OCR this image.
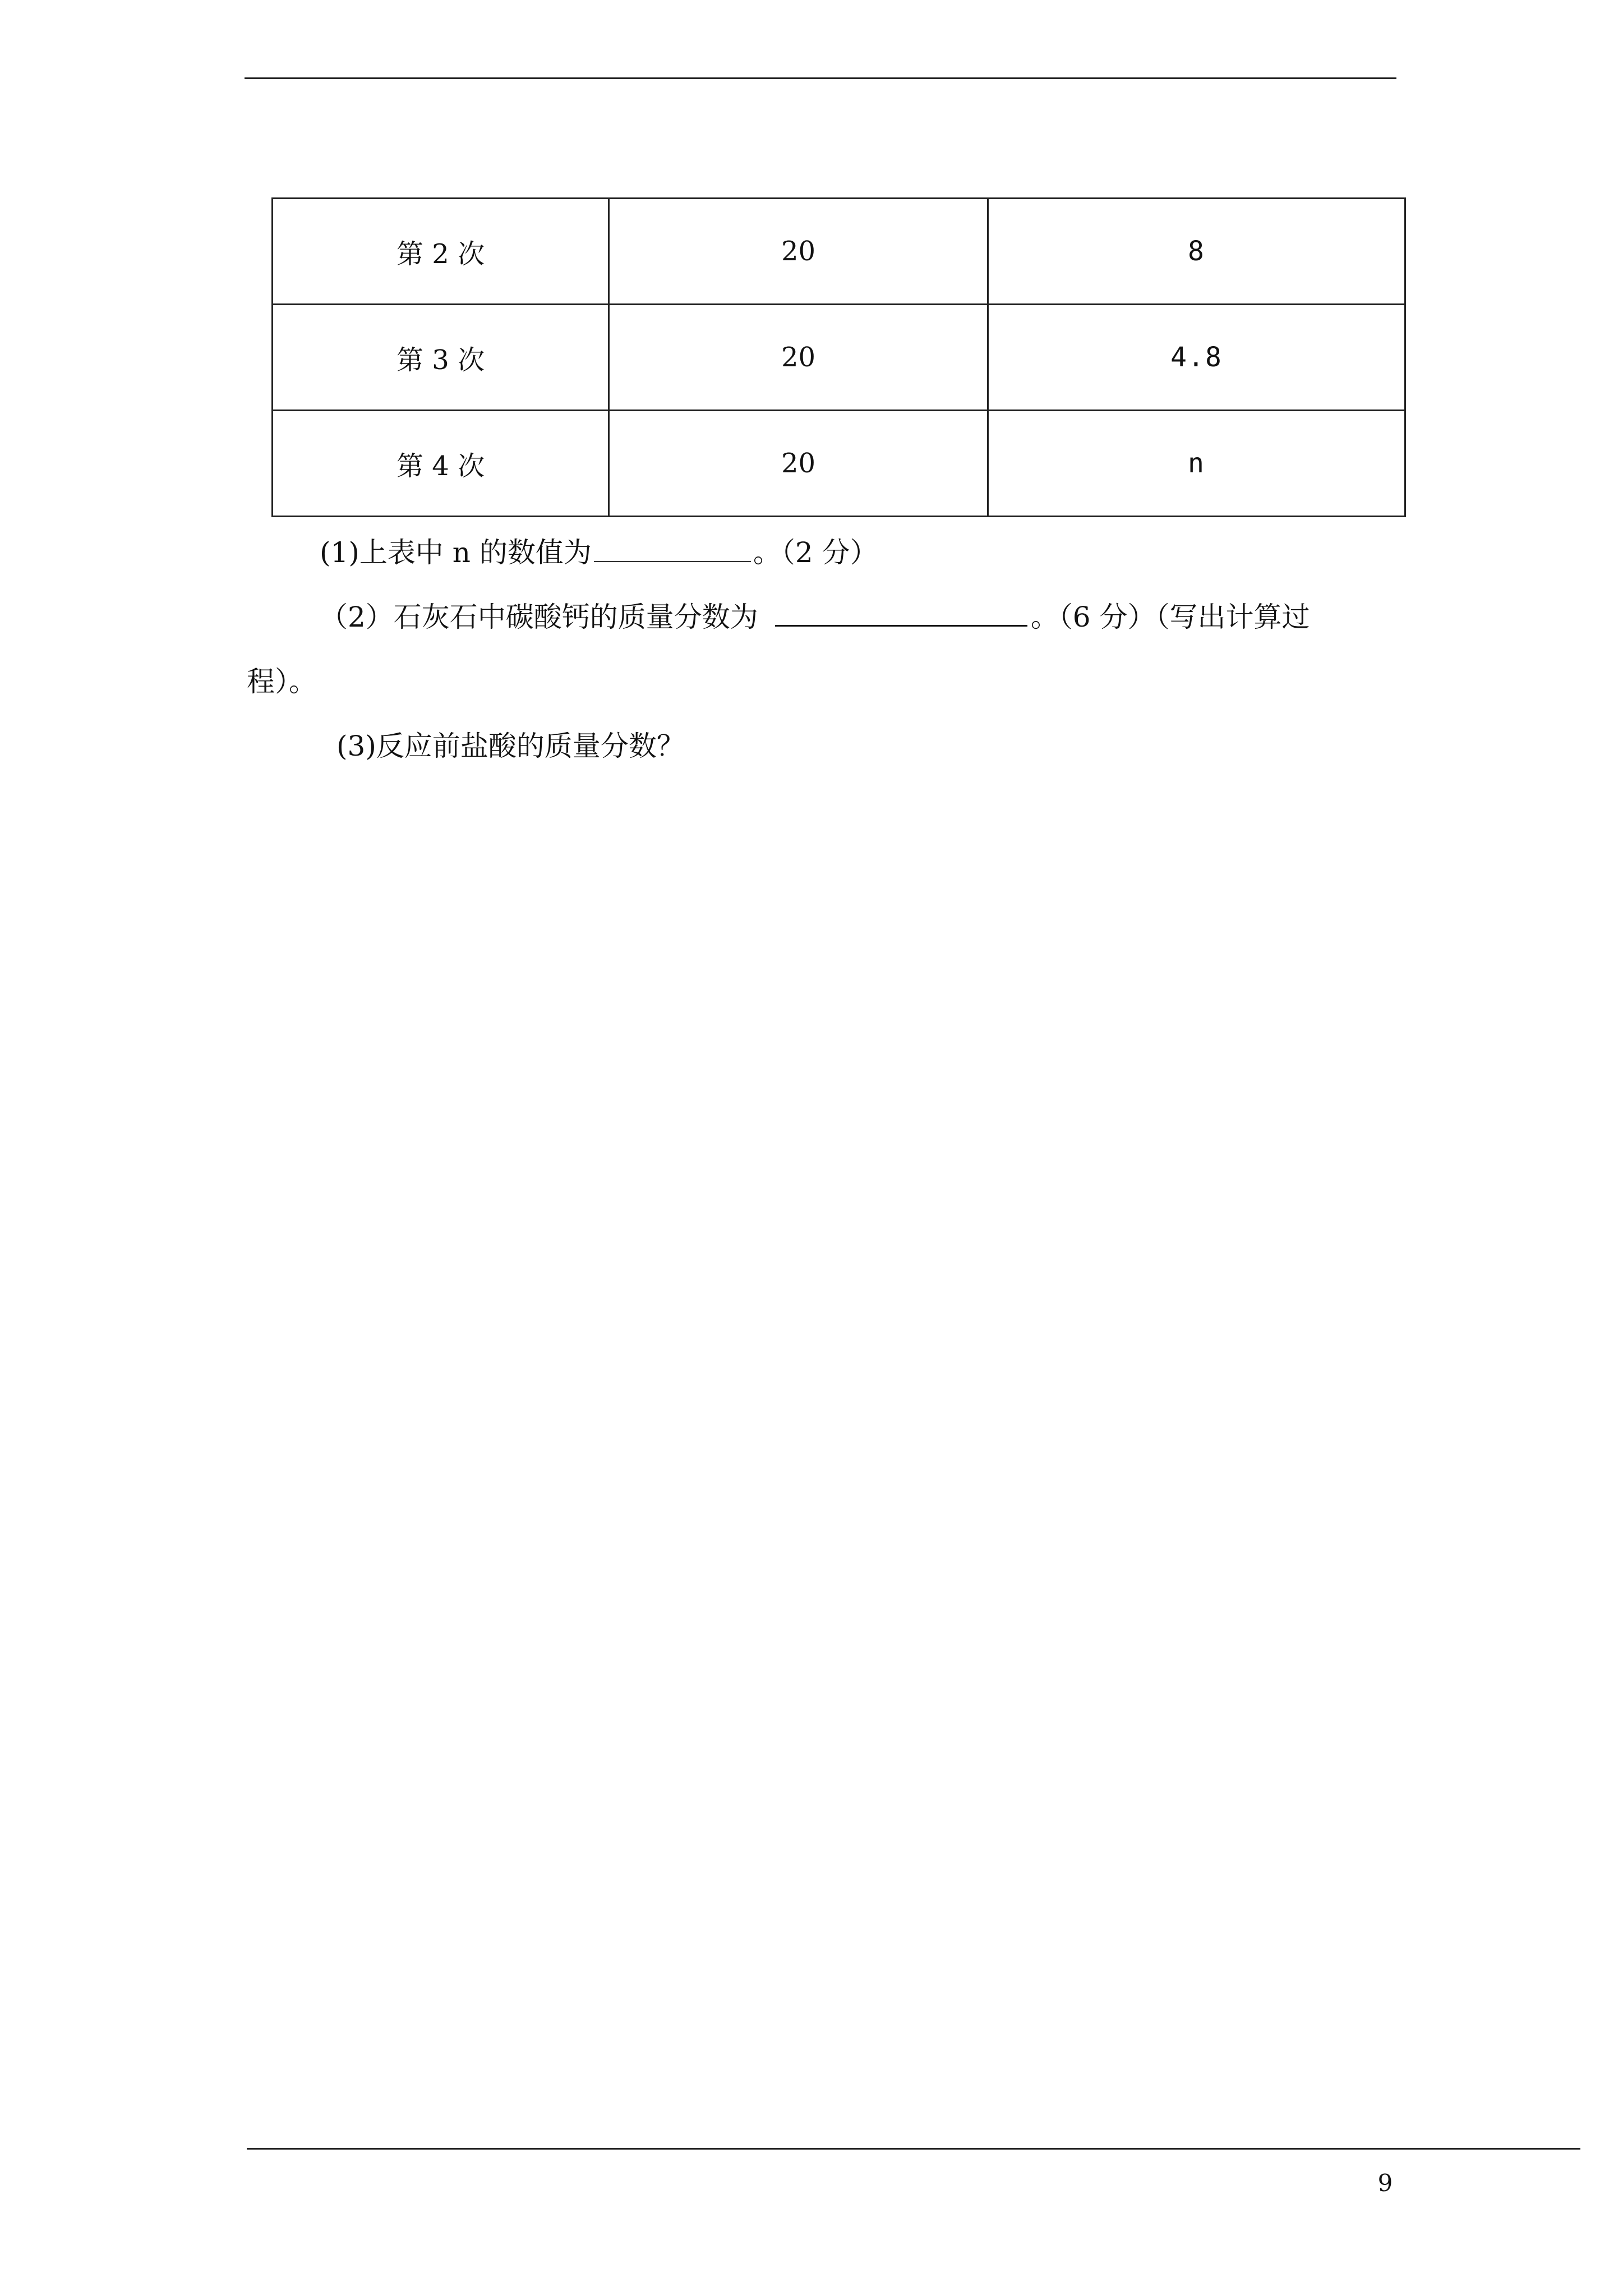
第 2 次	20	8
第 3 次	20	4.8
第 4 次	20	n
(1)上表中 n 的数值为	。（2 分）
（2）石灰石中碳酸钙的质量分数为	。（6 分）（写出计算过
程）。
(3)反应前盐酸的质量分数？
9
